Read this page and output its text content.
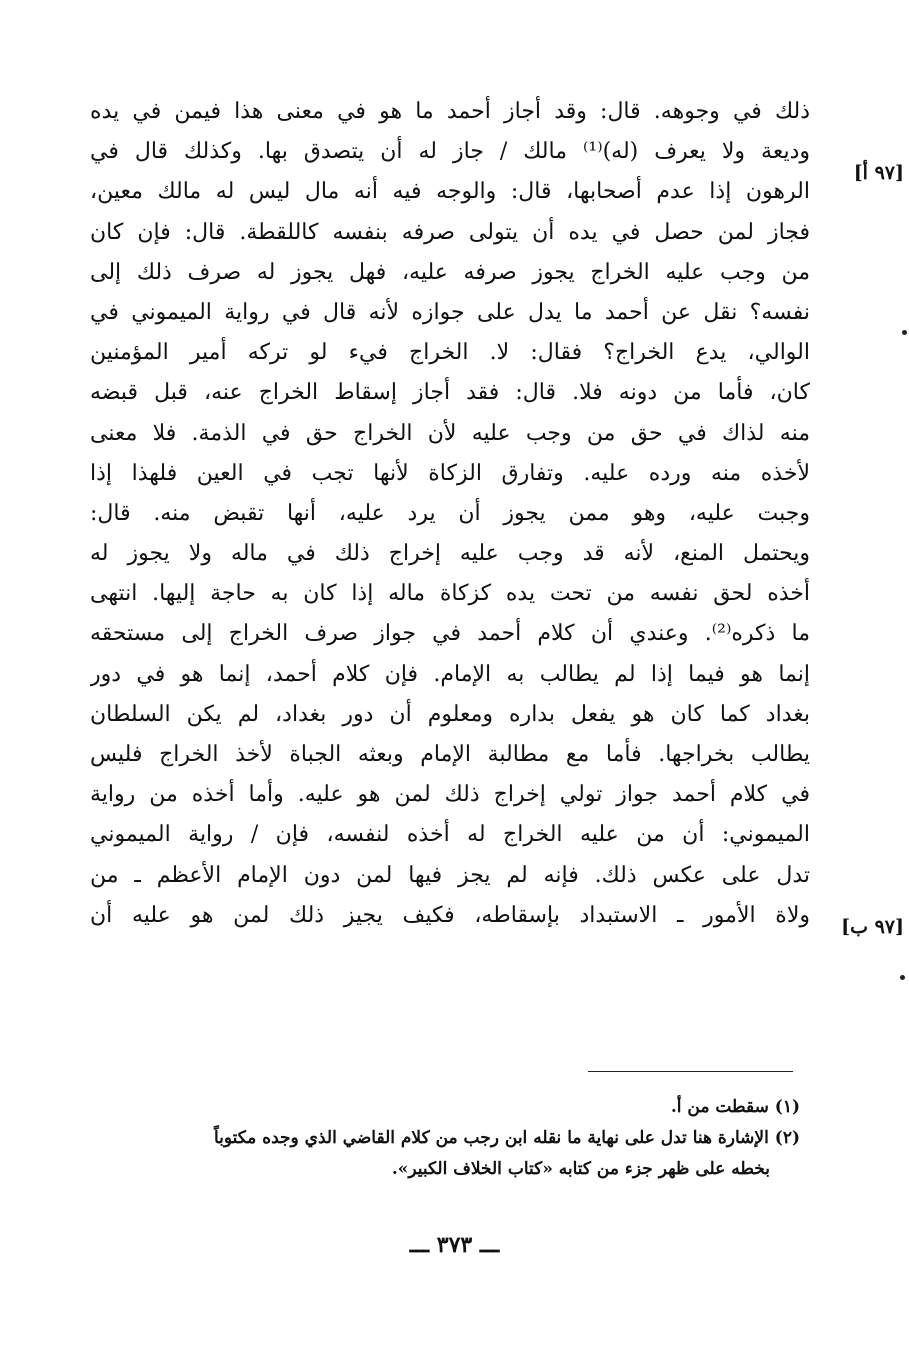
ذلك في وجوهه. قال: وقد أجاز أحمد ما هو في معنى هذا فيمن في يده
وديعة ولا يعرف (له)⁽¹⁾ مالك / جاز له أن يتصدق بها. وكذلك قال في
الرهون إذا عدم أصحابها، قال: والوجه فيه أنه مال ليس له مالك معين،
فجاز لمن حصل في يده أن يتولى صرفه بنفسه كاللقطة. قال: فإن كان
من وجب عليه الخراج يجوز صرفه عليه، فهل يجوز له صرف ذلك إلى
نفسه؟ نقل عن أحمد ما يدل على جوازه لأنه قال في رواية الميموني في
الوالي، يدع الخراج؟ فقال: لا. الخراج فيء لو تركه أمير المؤمنين
كان، فأما من دونه فلا. قال: فقد أجاز إسقاط الخراج عنه، قبل قبضه
منه لذاك في حق من وجب عليه لأن الخراج حق في الذمة. فلا معنى
لأخذه منه ورده عليه. وتفارق الزكاة لأنها تجب في العين فلهذا إذا
وجبت عليه، وهو ممن يجوز أن يرد عليه، أنها تقبض منه. قال:
ويحتمل المنع، لأنه قد وجب عليه إخراج ذلك في ماله ولا يجوز له
أخذه لحق نفسه من تحت يده كزكاة ماله إذا كان به حاجة إليها. انتهى
ما ذكره⁽²⁾. وعندي أن كلام أحمد في جواز صرف الخراج إلى مستحقه
إنما هو فيما إذا لم يطالب به الإمام. فإن كلام أحمد، إنما هو في دور
بغداد كما كان هو يفعل بداره ومعلوم أن دور بغداد، لم يكن السلطان
يطالب بخراجها. فأما مع مطالبة الإمام وبعثه الجباة لأخذ الخراج فليس
في كلام أحمد جواز تولي إخراج ذلك لمن هو عليه. وأما أخذه من رواية
الميموني: أن من عليه الخراج له أخذه لنفسه، فإن / رواية الميموني
تدل على عكس ذلك. فإنه لم يجز فيها لمن دون الإمام الأعظم ـ من
ولاة الأمور ـ الاستبداد بإسقاطه، فكيف يجيز ذلك لمن هو عليه أن
[٩٧ أ]
[٩٧ ب]
(١) سقطت من أ.
(٢) الإشارة هنا تدل على نهاية ما نقله ابن رجب من كلام القاضي الذي وجده مكتوباً
بخطه على ظهر جزء من كتابه «كتاب الخلاف الكبير».
ـــ ٣٧٣ ـــ
